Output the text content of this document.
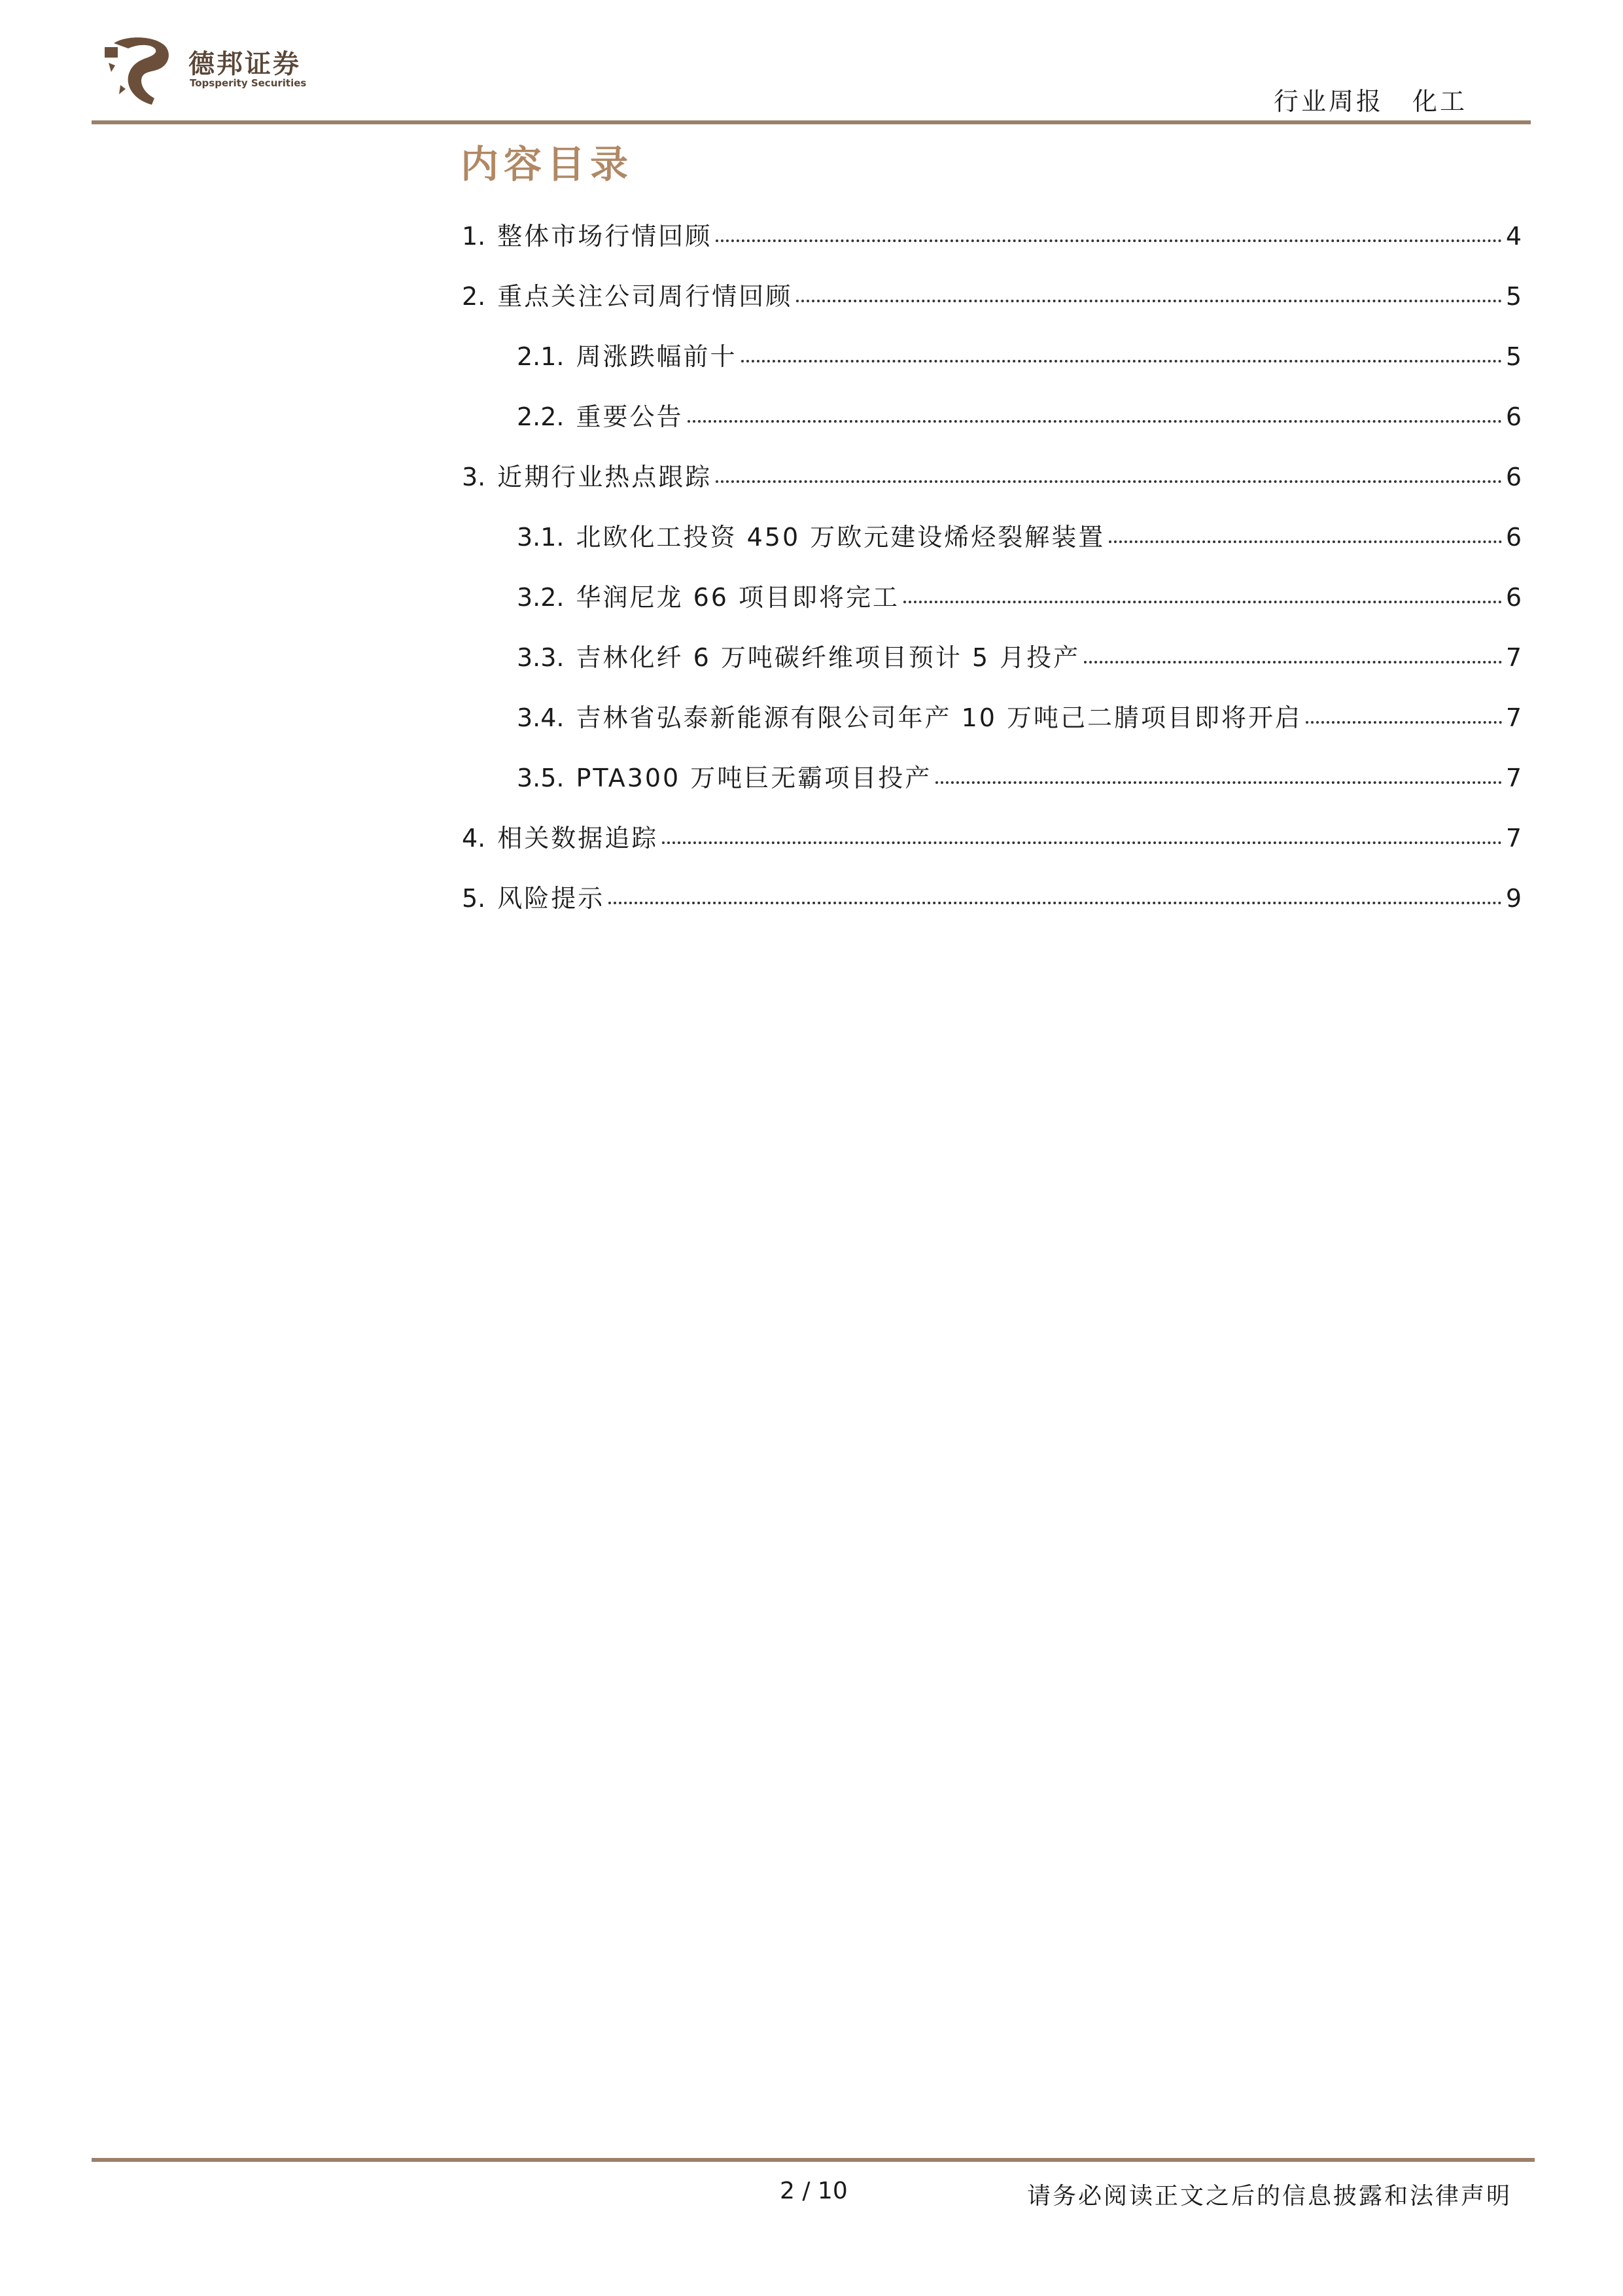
德邦证券
Topsperity Securities
行业周报 化工
内容目录
1. 整体市场行情回顾	4
2. 重点关注公司周行情回顾	5
2.1. 周涨跌幅前十	5
2.2. 重要公告	6
3. 近期行业热点跟踪	6
3.1. 北欧化工投资 450 万欧元建设烯烃裂解装置	6
3.2. 华润尼龙 66 项目即将完工	6
3.3. 吉林化纤 6 万吨碳纤维项目预计 5 月投产	7
3.4. 吉林省弘泰新能源有限公司年产 10 万吨己二腈项目即将开启	7
3.5. PTA300 万吨巨无霸项目投产	7
4. 相关数据追踪	7
5. 风险提示	9
2 / 10	请务必阅读正文之后的信息披露和法律声明
